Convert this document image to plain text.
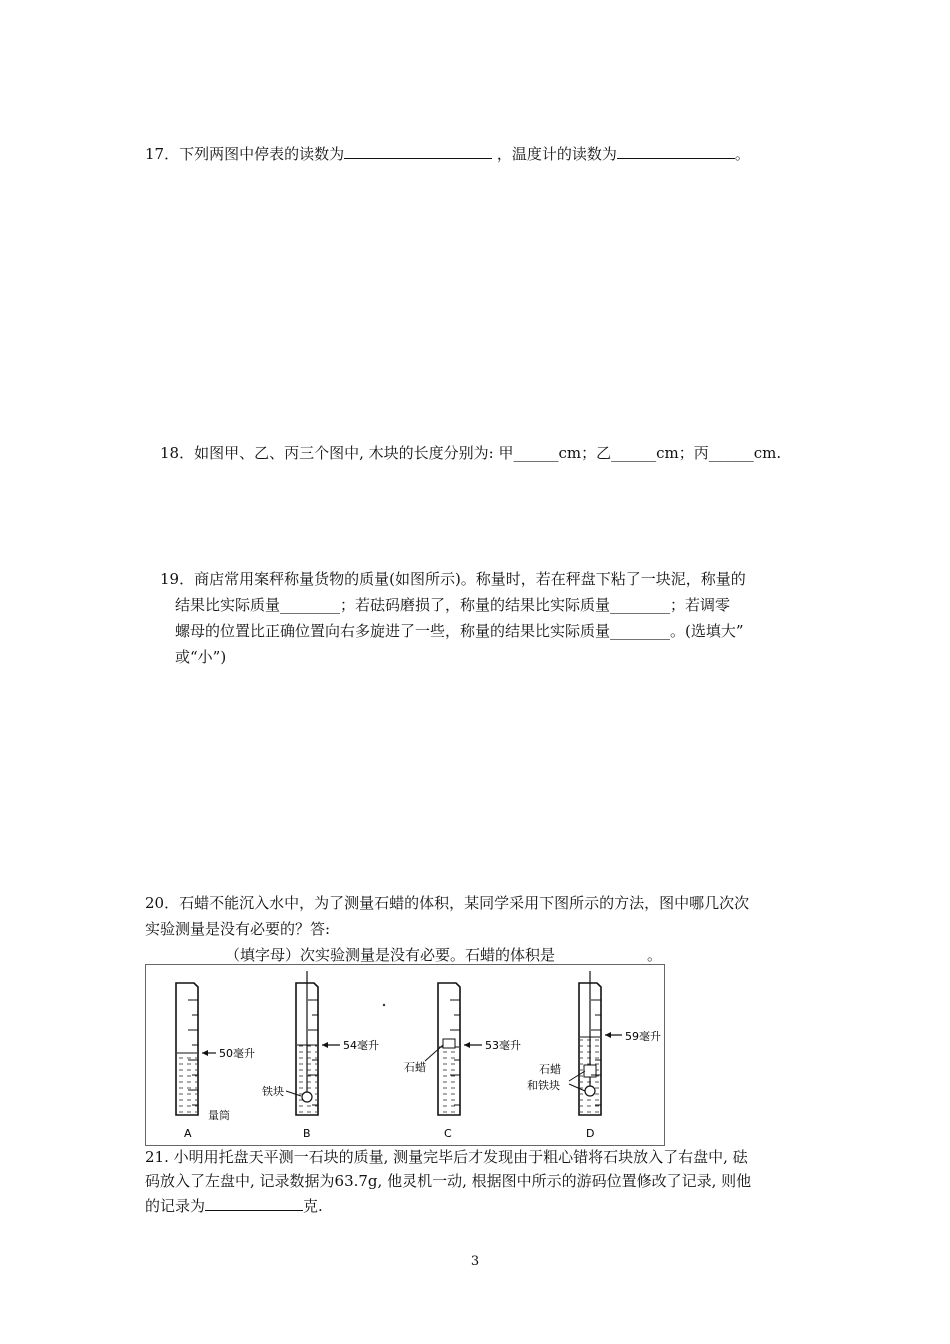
17．下列两图中停表的读数为	，温度计的读数为	。
18．如图甲、乙、丙三个图中, 木块的长度分别为: 甲______cm；乙______cm；丙______cm.
19．商店常用案秤称量货物的质量(如图所示)。称量时，若在秤盘下粘了一块泥，称量的
结果比实际质量________；若砝码磨损了，称量的结果比实际质量________；若调零
螺母的位置比正确位置向右多旋进了一些，称量的结果比实际质量________。(选填大”
或“小”)
20．石蜡不能沉入水中，为了测量石蜡的体积，某同学采用下图所示的方法，图中哪几次次
实验测量是没有必要的？答:
（填字母）次实验测量是没有必要。石蜡的体积是	。
50毫升
量筒
A
54毫升
铁块
B
53毫升
石蜡
C
59毫升
石蜡
和铁块
D
21. 小明用托盘天平测一石块的质量, 测量完毕后才发现由于粗心错将石块放入了右盘中, 砝
码放入了左盘中, 记录数据为63.7g, 他灵机一动, 根据图中所示的游码位置修改了记录, 则他
的记录为	克.
3
